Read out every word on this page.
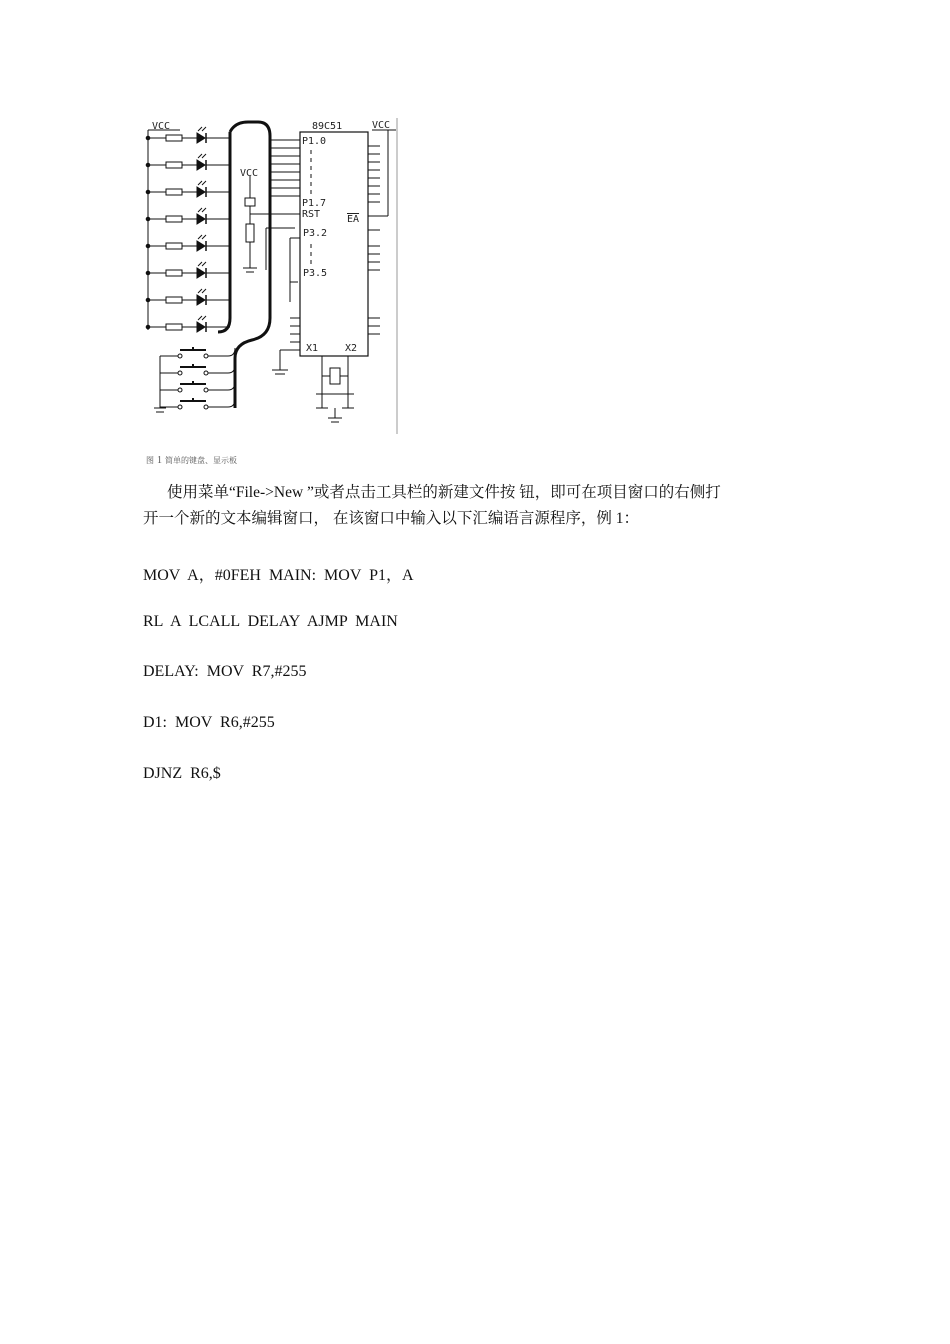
VCC
VCC
VCC
89C51
P1.0
P1.7
RST	EA
P3.2
P3.5
X1	X2
图 1 简单的键盘、显示板
使用菜单“File->New ”或者点击工具栏的新建文件按 钮，即可在项目窗口的右侧打
开一个新的文本编辑窗口， 在该窗口中输入以下汇编语言源程序，例 1：
MOV  A，#0FEH  MAIN:  MOV  P1，A
RL  A  LCALL  DELAY  AJMP  MAIN
DELAY:  MOV  R7,#255
D1:  MOV  R6,#255
DJNZ  R6,$
